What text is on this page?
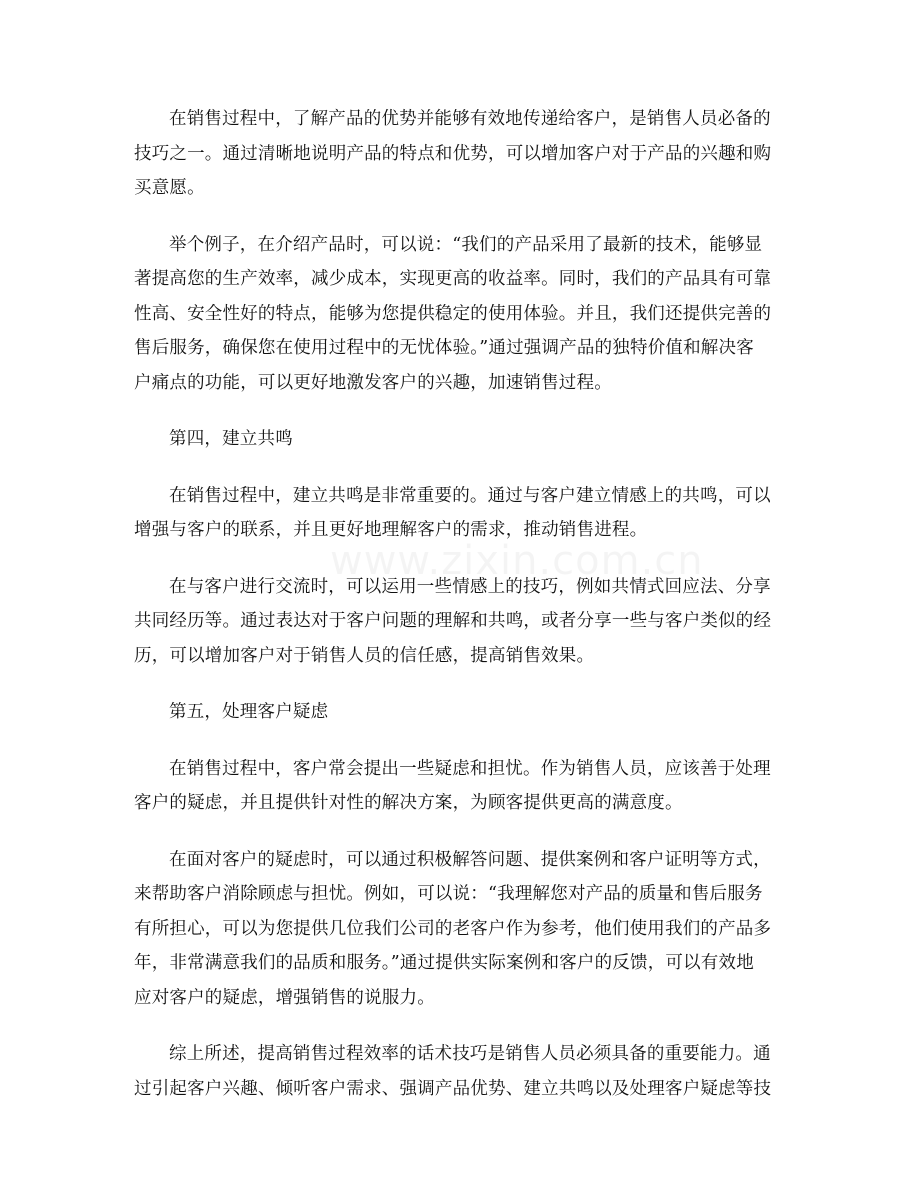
在销售过程中，了解产品的优势并能够有效地传递给客户，是销售人员必备的
技巧之一。通过清晰地说明产品的特点和优势，可以增加客户对于产品的兴趣和购
买意愿。

举个例子，在介绍产品时，可以说：“我们的产品采用了最新的技术，能够显
著提高您的生产效率，减少成本，实现更高的收益率。同时，我们的产品具有可靠
性高、安全性好的特点，能够为您提供稳定的使用体验。并且，我们还提供完善的
售后服务，确保您在使用过程中的无忧体验。”通过强调产品的独特价值和解决客
户痛点的功能，可以更好地激发客户的兴趣，加速销售过程。

第四，建立共鸣

在销售过程中，建立共鸣是非常重要的。通过与客户建立情感上的共鸣，可以
增强与客户的联系，并且更好地理解客户的需求，推动销售进程。

在与客户进行交流时，可以运用一些情感上的技巧，例如共情式回应法、分享
共同经历等。通过表达对于客户问题的理解和共鸣，或者分享一些与客户类似的经
历，可以增加客户对于销售人员的信任感，提高销售效果。

第五，处理客户疑虑

在销售过程中，客户常会提出一些疑虑和担忧。作为销售人员，应该善于处理
客户的疑虑，并且提供针对性的解决方案，为顾客提供更高的满意度。

在面对客户的疑虑时，可以通过积极解答问题、提供案例和客户证明等方式，
来帮助客户消除顾虑与担忧。例如，可以说：“我理解您对产品的质量和售后服务
有所担心，可以为您提供几位我们公司的老客户作为参考，他们使用我们的产品多
年，非常满意我们的品质和服务。”通过提供实际案例和客户的反馈，可以有效地
应对客户的疑虑，增强销售的说服力。

综上所述，提高销售过程效率的话术技巧是销售人员必须具备的重要能力。通
过引起客户兴趣、倾听客户需求、强调产品优势、建立共鸣以及处理客户疑虑等技
